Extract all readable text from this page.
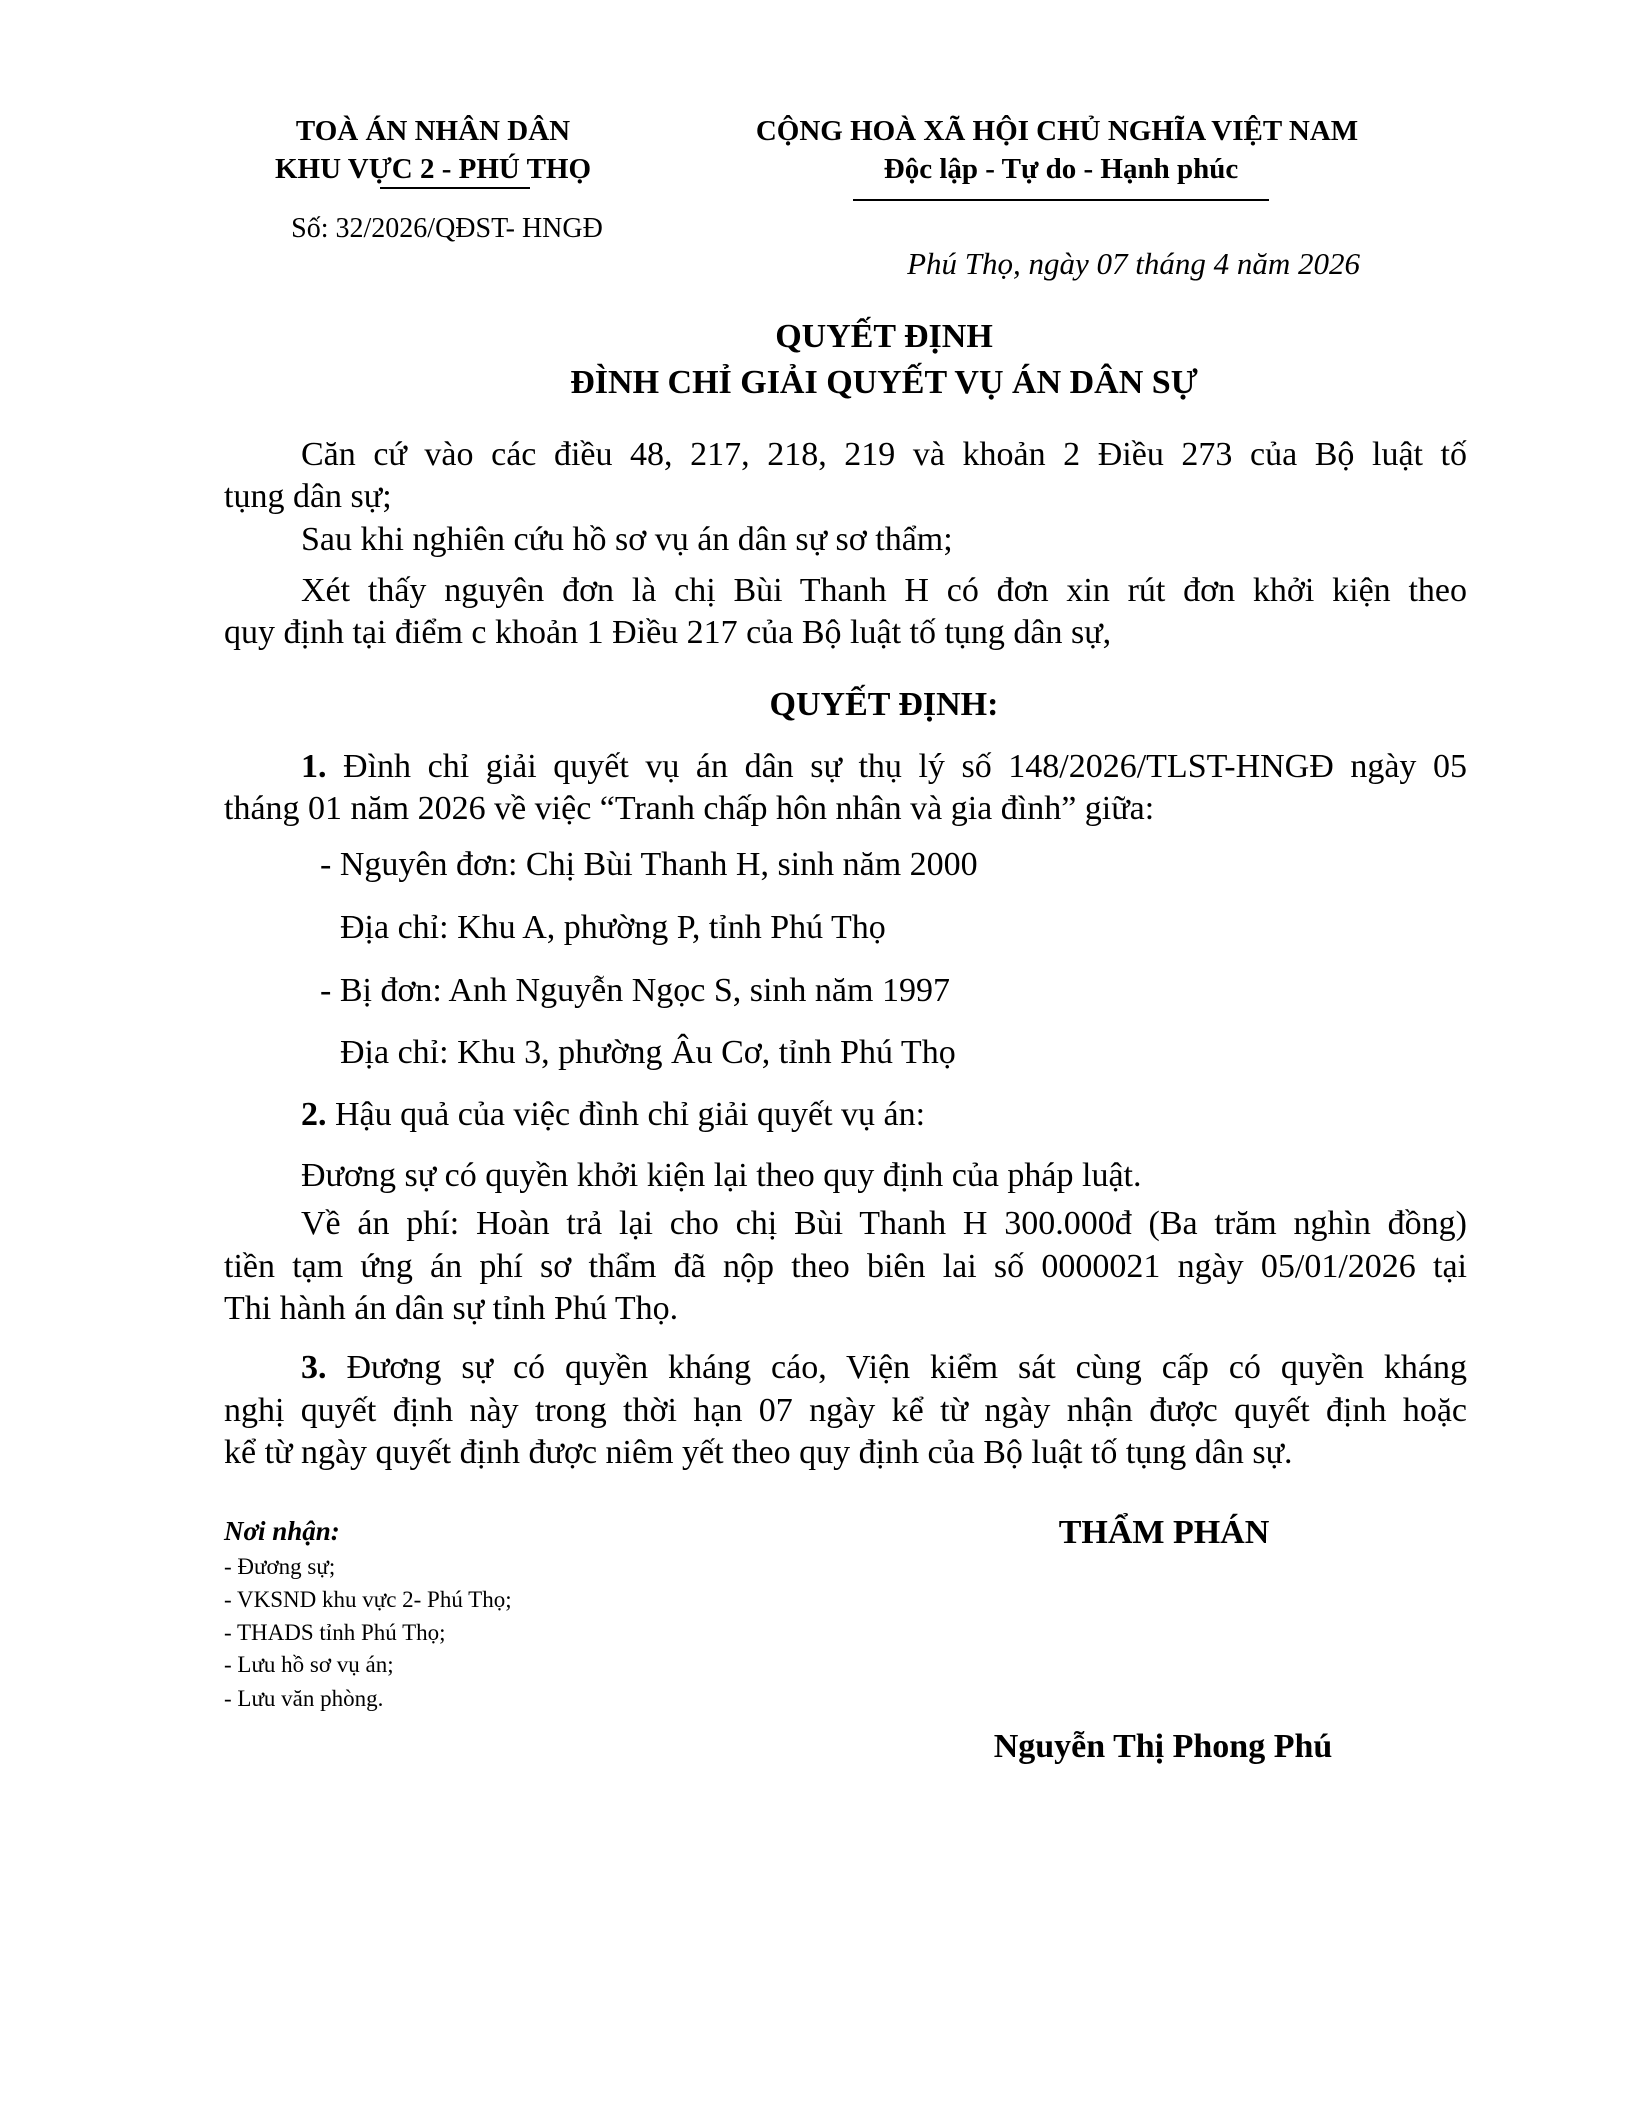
TOÀ ÁN NHÂN DÂN
KHU VỰC 2 - PHÚ THỌ
CỘNG HOÀ XÃ HỘI CHỦ NGHĨA VIỆT NAM
Độc lập - Tự do - Hạnh phúc
Số: 32/2026/QĐST- HNGĐ
Phú Thọ, ngày 07 tháng 4 năm 2026
QUYẾT ĐỊNH
ĐÌNH CHỈ GIẢI QUYẾT VỤ ÁN DÂN SỰ
Căn cứ vào các điều 48, 217, 218, 219 và khoản 2 Điều 273 của Bộ luật tố
tụng dân sự;
Sau khi nghiên cứu hồ sơ vụ án dân sự sơ thẩm;
Xét thấy nguyên đơn là chị Bùi Thanh H có đơn xin rút đơn khởi kiện theo
quy định tại điểm c khoản 1 Điều 217 của Bộ luật tố tụng dân sự,
QUYẾT ĐỊNH:
1. Đình chỉ giải quyết vụ án dân sự thụ lý số 148/2026/TLST-HNGĐ ngày 05
tháng 01 năm 2026 về việc “Tranh chấp hôn nhân và gia đình” giữa:
- Nguyên đơn: Chị Bùi Thanh H, sinh năm 2000
Địa chỉ: Khu A, phường P, tỉnh Phú Thọ
- Bị đơn: Anh Nguyễn Ngọc S, sinh năm 1997
Địa chỉ: Khu 3, phường Âu Cơ, tỉnh Phú Thọ
2. Hậu quả của việc đình chỉ giải quyết vụ án:
Đương sự có quyền khởi kiện lại theo quy định của pháp luật.
Về án phí: Hoàn trả lại cho chị Bùi Thanh H 300.000đ (Ba trăm nghìn đồng)
tiền tạm ứng án phí sơ thẩm đã nộp theo biên lai số 0000021 ngày 05/01/2026 tại
Thi hành án dân sự tỉnh Phú Thọ.
3. Đương sự có quyền kháng cáo, Viện kiểm sát cùng cấp có quyền kháng
nghị quyết định này trong thời hạn 07 ngày kể từ ngày nhận được quyết định hoặc
kể từ ngày quyết định được niêm yết theo quy định của Bộ luật tố tụng dân sự.
Nơi nhận:
- Đương sự;
- VKSND khu vực 2- Phú Thọ;
- THADS tỉnh Phú Thọ;
- Lưu hồ sơ vụ án;
- Lưu văn phòng.
THẨM PHÁN
Nguyễn Thị Phong Phú
